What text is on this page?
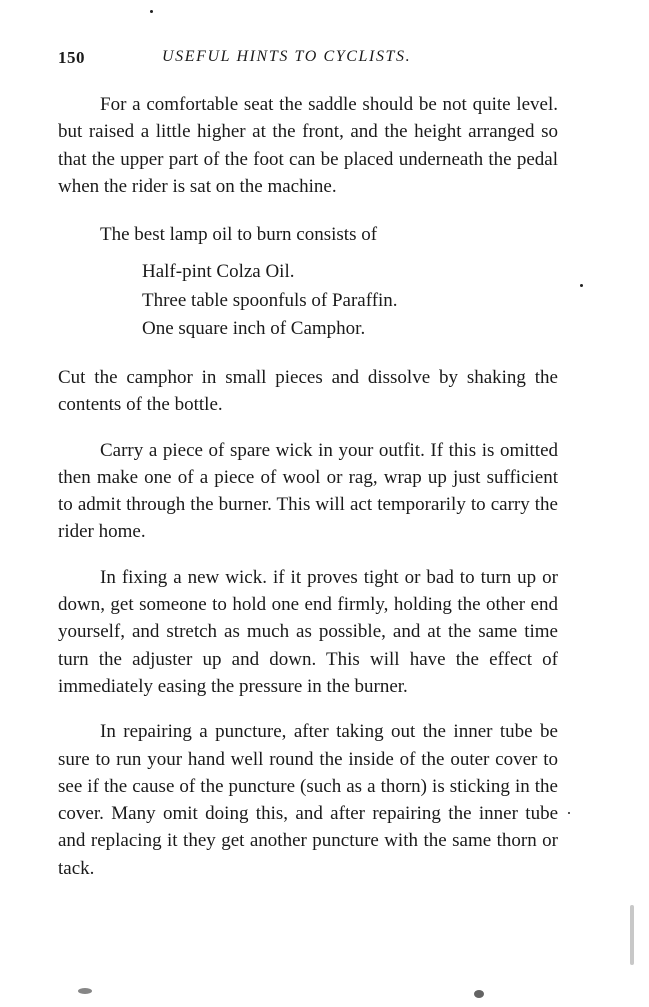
150	USEFUL HINTS TO CYCLISTS.

For a comfortable seat the saddle should be not quite level. but raised a little higher at the front, and the height arranged so that the upper part of the foot can be placed underneath the pedal when the rider is sat on the machine.

The best lamp oil to burn consists of

Half-pint Colza Oil.
Three table spoonfuls of Paraffin.
One square inch of Camphor.

Cut the camphor in small pieces and dissolve by shaking the contents of the bottle.

Carry a piece of spare wick in your outfit. If this is omitted then make one of a piece of wool or rag, wrap up just sufficient to admit through the burner. This will act temporarily to carry the rider home.

In fixing a new wick. if it proves tight or bad to turn up or down, get someone to hold one end firmly, holding the other end yourself, and stretch as much as possible, and at the same time turn the adjuster up and down. This will have the effect of immediately easing the pressure in the burner.

In repairing a puncture, after taking out the inner tube be sure to run your hand well round the inside of the outer cover to see if the cause of the puncture (such as a thorn) is sticking in the cover. Many omit doing this, and after repairing the inner tube and replacing it they get another puncture with the same thorn or tack.
